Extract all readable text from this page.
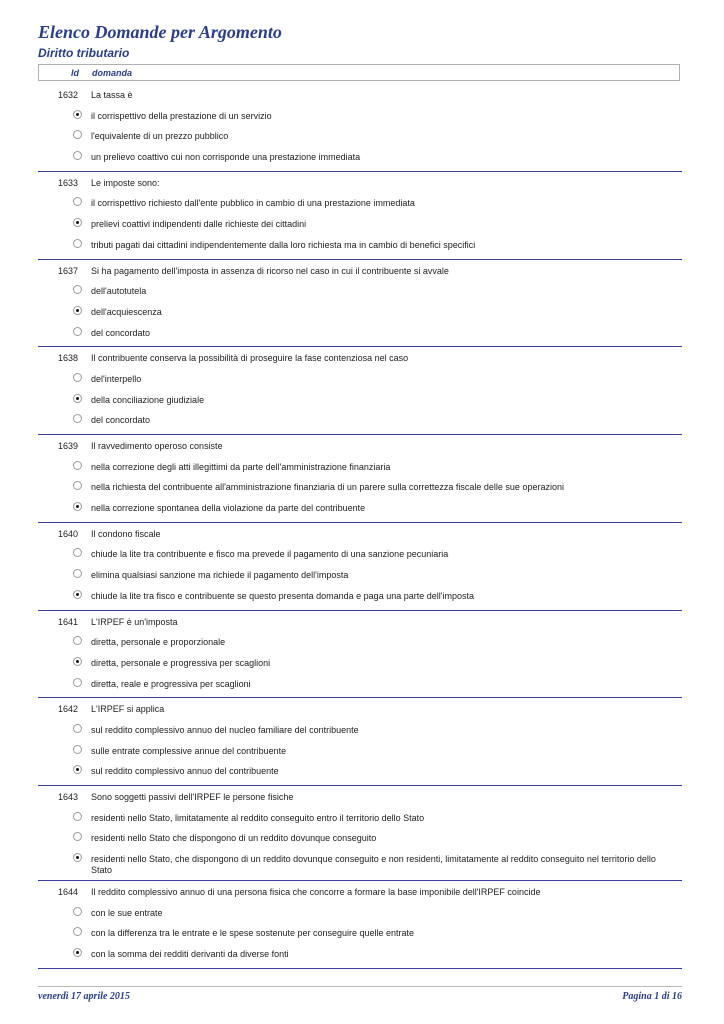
Elenco Domande per Argomento
Diritto tributario
Id domanda
1632 La tassa è
il corrispettivo della prestazione di un servizio
l'equivalente di un prezzo pubblico
un prelievo coattivo cui non corrisponde una prestazione immediata
1633 Le imposte sono:
il corrispettivo richiesto dall'ente pubblico in cambio di una prestazione immediata
prelievi coattivi indipendenti dalle richieste dei cittadini
tributi pagati dai cittadini indipendentemente dalla loro richiesta ma in cambio di benefici specifici
1637 Si ha pagamento dell'imposta in assenza di ricorso nel caso in cui il contribuente si avvale
dell'autotutela
dell'acquiescenza
del concordato
1638 Il contribuente conserva la possibilità di proseguire la fase contenziosa nel caso
del'interpello
della conciliazione giudiziale
del concordato
1639 Il ravvedimento operoso consiste
nella correzione degli atti illegittimi da parte dell'amministrazione finanziaria
nella richiesta del contribuente all'amministrazione finanziaria di un parere sulla correttezza fiscale delle sue operazioni
nella correzione spontanea della violazione da parte del contribuente
1640 Il condono fiscale
chiude la lite tra contribuente e fisco ma prevede il pagamento di una sanzione pecuniaria
elimina qualsiasi sanzione ma richiede il pagamento dell'imposta
chiude la lite tra fisco e contribuente se questo presenta domanda e paga una parte dell'imposta
1641 L'IRPEF è un'imposta
diretta, personale e proporzionale
diretta, personale e progressiva per scaglioni
diretta, reale e progressiva per scaglioni
1642 L'IRPEF si applica
sul reddito complessivo annuo del nucleo familiare del contribuente
sulle entrate complessive annue del contribuente
sul reddito complessivo annuo del contribuente
1643 Sono soggetti passivi dell'IRPEF le persone fisiche
residenti nello Stato, limitatamente al reddito conseguito entro il territorio dello Stato
residenti nello Stato che dispongono di un reddito dovunque conseguito
residenti nello Stato, che dispongono di un reddito dovunque conseguito e non residenti, limitatamente al reddito conseguito nel territorio dello Stato
1644 Il reddito complessivo annuo di una persona fisica che concorre a formare la base imponibile dell'IRPEF coincide
con le sue entrate
con la differenza tra le entrate e le spese sostenute per conseguire quelle entrate
con la somma dei redditi derivanti da diverse fonti
venerdì 17 aprile 2015	Pagina 1 di 16
